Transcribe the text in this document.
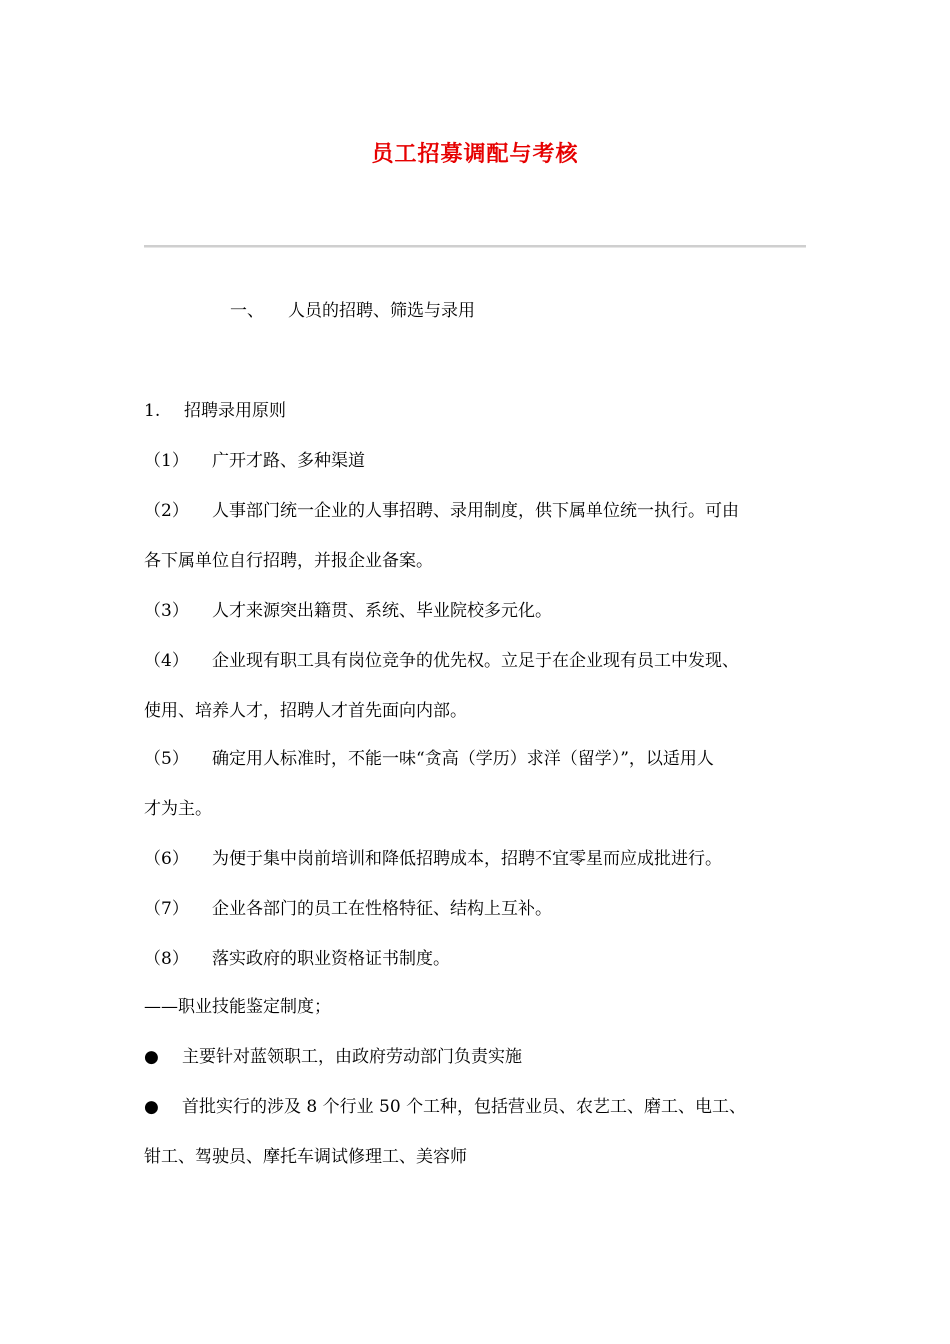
员工招募调配与考核
一、 人员的招聘、筛选与录用
1. 招聘录用原则
（1） 广开才路、多种渠道
（2） 人事部门统一企业的人事招聘、录用制度，供下属单位统一执行。可由
各下属单位自行招聘，并报企业备案。
（3） 人才来源突出籍贯、系统、毕业院校多元化。
（4） 企业现有职工具有岗位竞争的优先权。立足于在企业现有员工中发现、
使用、培养人才，招聘人才首先面向内部。
（5） 确定用人标准时，不能一味“贪高（学历）求洋（留学）”，以适用人
才为主。
（6） 为便于集中岗前培训和降低招聘成本，招聘不宜零星而应成批进行。
（7） 企业各部门的员工在性格特征、结构上互补。
（8） 落实政府的职业资格证书制度。
——职业技能鉴定制度；
● 主要针对蓝领职工，由政府劳动部门负责实施
● 首批实行的涉及 8 个行业 50 个工种，包括营业员、农艺工、磨工、电工、
钳工、驾驶员、摩托车调试修理工、美容师
